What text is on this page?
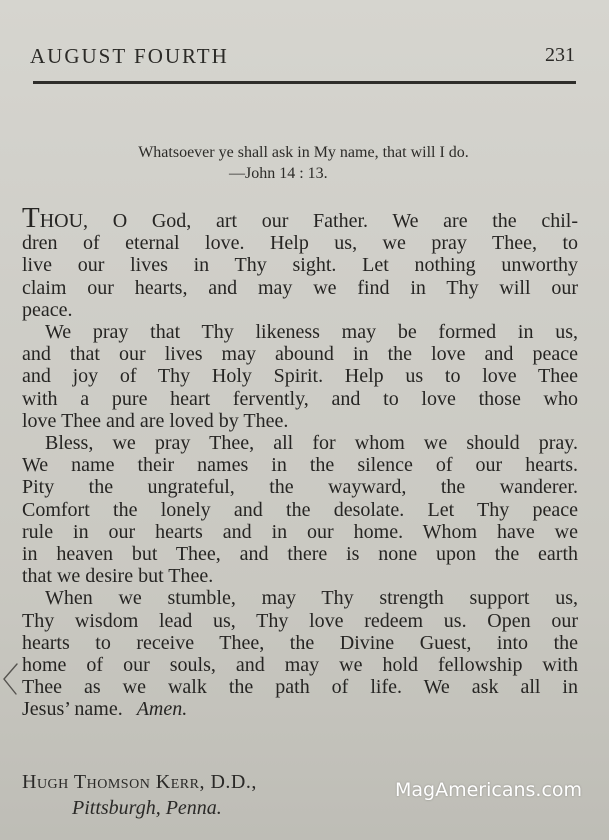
AUGUST FOURTH	231
Whatsoever ye shall ask in My name, that will I do.
—John 14 : 13.
THOU, O God, art our Father. We are the chil-
dren of eternal love. Help us, we pray Thee, to
live our lives in Thy sight. Let nothing unworthy
claim our hearts, and may we find in Thy will our
peace.
We pray that Thy likeness may be formed in us,
and that our lives may abound in the love and peace
and joy of Thy Holy Spirit. Help us to love Thee
with a pure heart fervently, and to love those who
love Thee and are loved by Thee.
Bless, we pray Thee, all for whom we should pray.
We name their names in the silence of our hearts.
Pity the ungrateful, the wayward, the wanderer.
Comfort the lonely and the desolate. Let Thy peace
rule in our hearts and in our home. Whom have we
in heaven but Thee, and there is none upon the earth
that we desire but Thee.
When we stumble, may Thy strength support us,
Thy wisdom lead us, Thy love redeem us. Open our
hearts to receive Thee, the Divine Guest, into the
home of our souls, and may we hold fellowship with
Thee as we walk the path of life. We ask all in
Jesus’ name. Amen.
Hugh Thomson Kerr, D.D.,
Pittsburgh, Penna.
MagAmericans.com
